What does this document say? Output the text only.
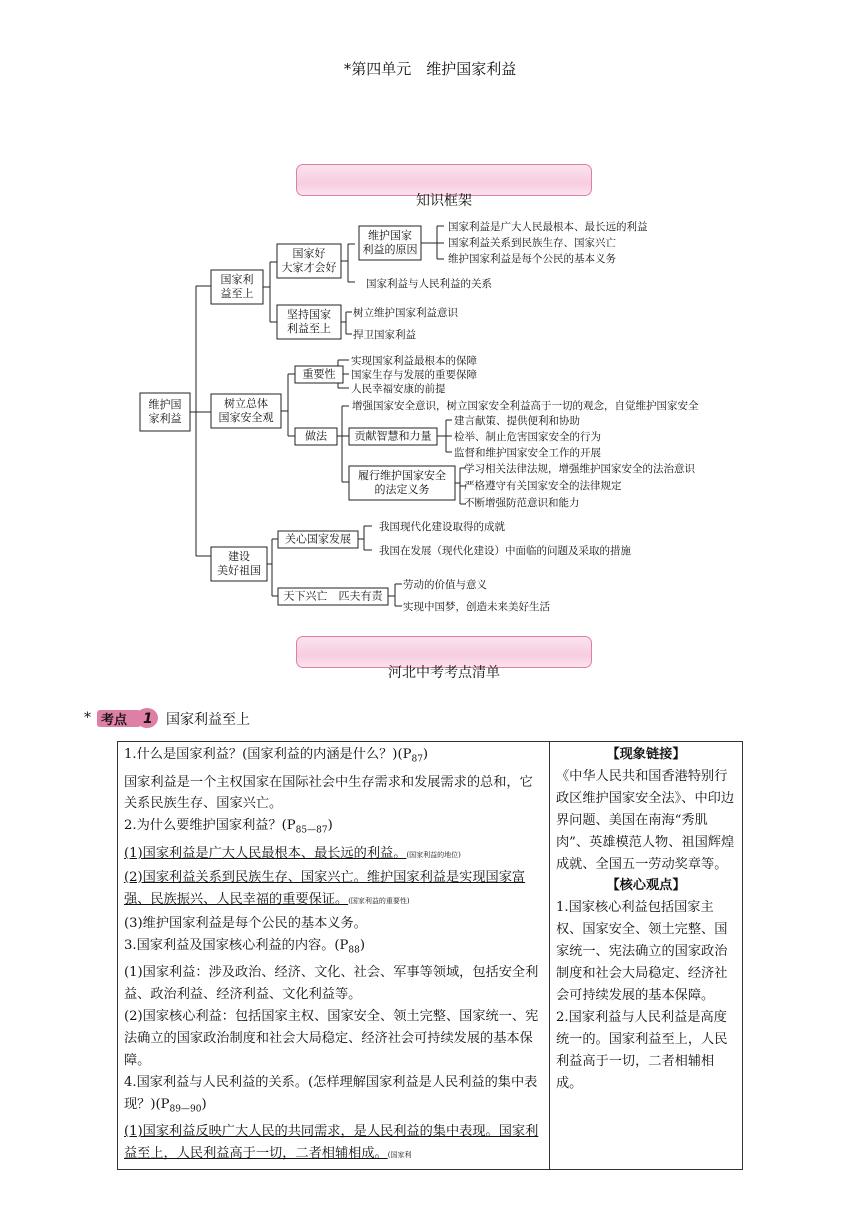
*第四单元　维护国家利益
知识框架
维护国
家利益
国家利
益至上
国家好
大家才会好
维护国家
利益的原因
国家利益是广大人民最根本、最长远的利益
国家利益关系到民族生存、国家兴亡
维护国家利益是每个公民的基本义务
国家利益与人民利益的关系
坚持国家
利益至上
树立维护国家利益意识
捍卫国家利益
树立总体
国家安全观
重要性
实现国家利益最根本的保障
国家生存与发展的重要保障
人民幸福安康的前提
做法
增强国家安全意识，树立国家安全利益高于一切的观念，自觉维护国家安全
贡献智慧和力量
建言献策、提供便利和协助
检举、制止危害国家安全的行为
监督和维护国家安全工作的开展
履行维护国家安全
的法定义务
学习相关法律法规，增强维护国家安全的法治意识
严格遵守有关国家安全的法律规定
不断增强防范意识和能力
建设
美好祖国
关心国家发展
我国现代化建设取得的成就
我国在发展（现代化建设）中面临的问题及采取的措施
天下兴亡　匹夫有责
劳动的价值与意义
实现中国梦，创造未来美好生活
河北中考考点清单
* 考点 1 国家利益至上
1.什么是国家利益？(国家利益的内涵是什么？)$(P_{87})$
国家利益是一个主权国家在国际社会中生存需求和发展需求的总和，它关系民族生存、国家兴亡。
2.为什么要维护国家利益？$(P_{85—87})$
(1)国家利益是广大人民最根本、最长远的利益。(国家利益的地位)
(2)国家利益关系到民族生存、国家兴亡。维护国家利益是实现国家富强、民族振兴、人民幸福的重要保证。(国家利益的重要性)
(3)维护国家利益是每个公民的基本义务。
3.国家利益及国家核心利益的内容。$(P_{88})$
(1)国家利益：涉及政治、经济、文化、社会、军事等领域，包括安全利益、政治利益、经济利益、文化利益等。
(2)国家核心利益：包括国家主权、国家安全、领土完整、国家统一、宪法确立的国家政治制度和社会大局稳定、经济社会可持续发展的基本保障。
4.国家利益与人民利益的关系。(怎样理解国家利益是人民利益的集中表现？)$(P_{89—90})$
(1)国家利益反映广大人民的共同需求，是人民利益的集中表现。国家利益至上，人民利益高于一切，二者相辅相成。(国家利

【现象链接】
《中华人民共和国香港特别行政区维护国家安全法》、中印边界问题、美国在南海“秀肌肉”、英雄模范人物、祖国辉煌成就、全国五一劳动奖章等。
【核心观点】
1.国家核心利益包括国家主权、国家安全、领土完整、国家统一、宪法确立的国家政治制度和社会大局稳定、经济社会可持续发展的基本保障。
2.国家利益与人民利益是高度统一的。国家利益至上，人民利益高于一切，二者相辅相成。
